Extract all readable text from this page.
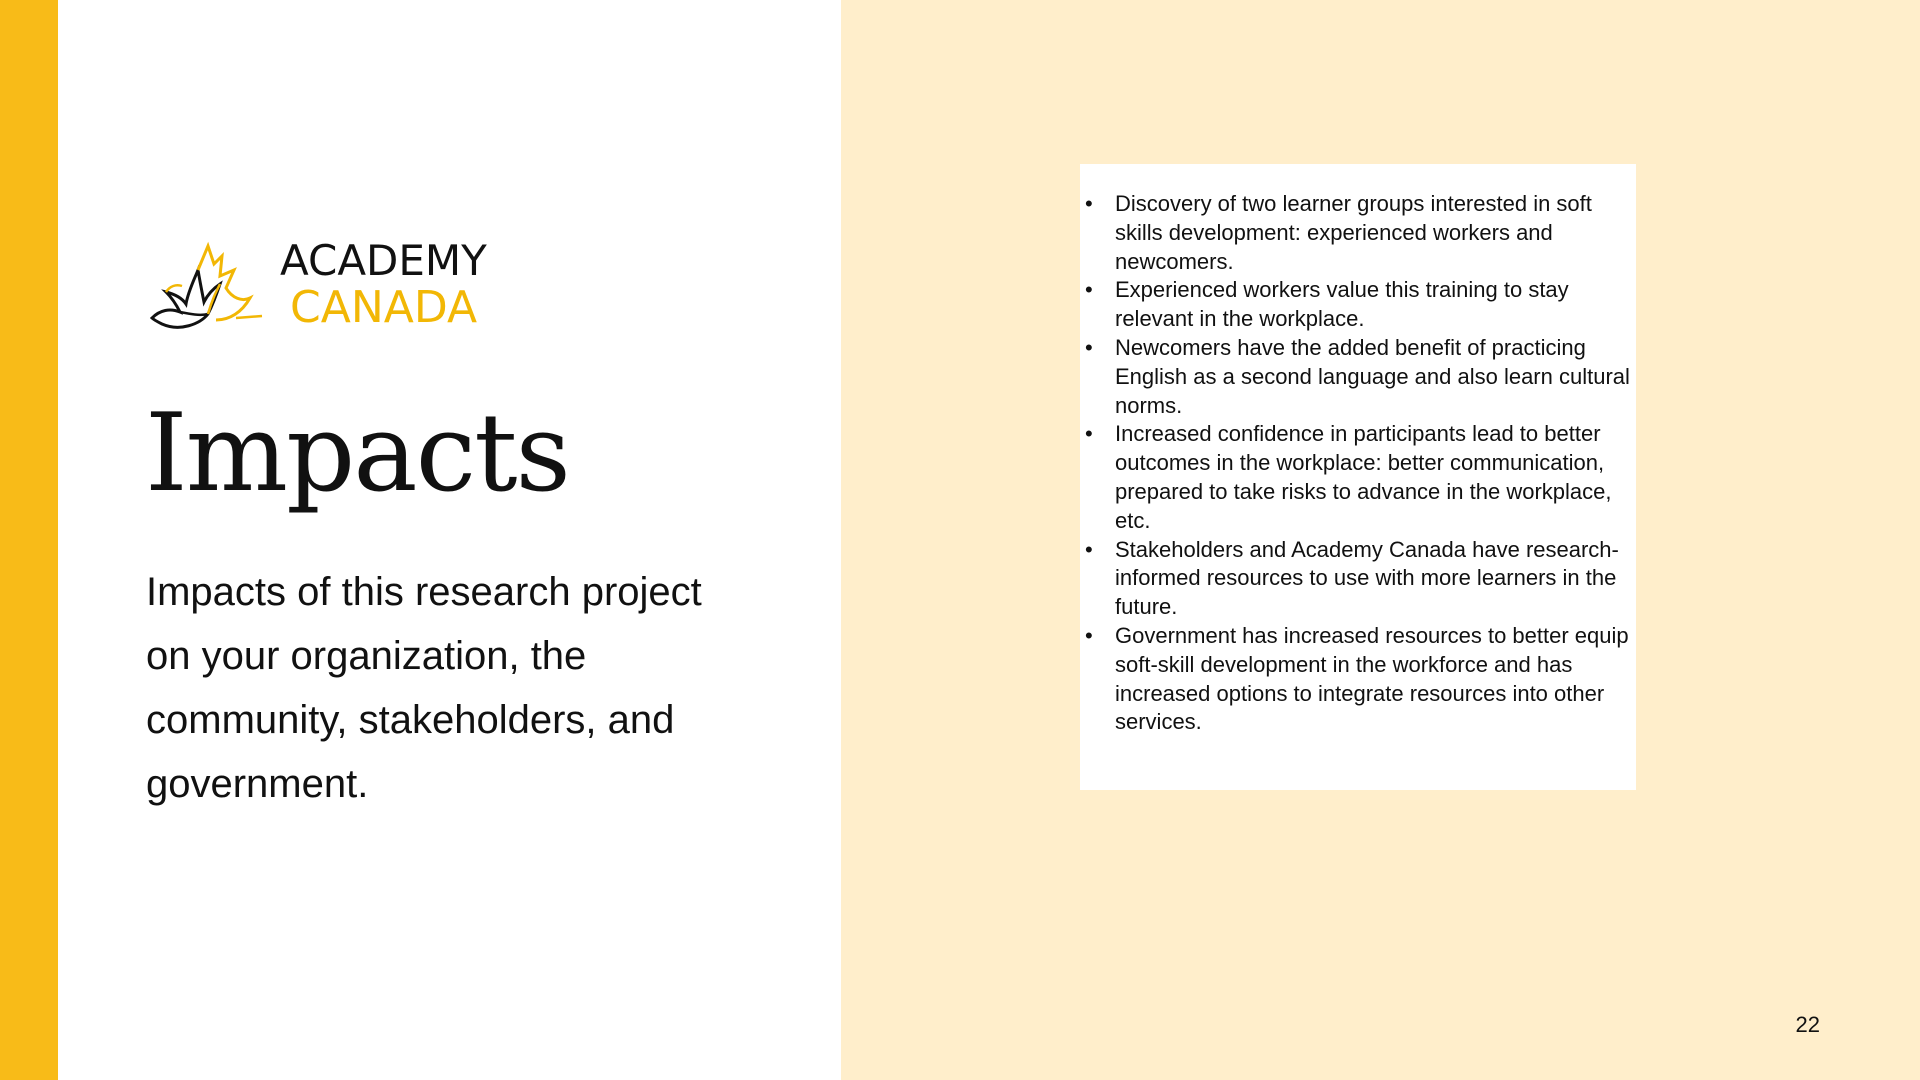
ACADEMY
CANADA
Impacts
Impacts of this research project on your organization, the community, stakeholders, and government.
• Discovery of two learner groups interested in soft skills development: experienced workers and newcomers.
• Experienced workers value this training to stay relevant in the workplace.
• Newcomers have the added benefit of practicing English as a second language and also learn cultural norms.
• Increased confidence in participants lead to better outcomes in the workplace: better communication, prepared to take risks to advance in the workplace, etc.
• Stakeholders and Academy Canada have research-informed resources to use with more learners in the future.
• Government has increased resources to better equip soft-skill development in the workforce and has increased options to integrate resources into other services.
22
